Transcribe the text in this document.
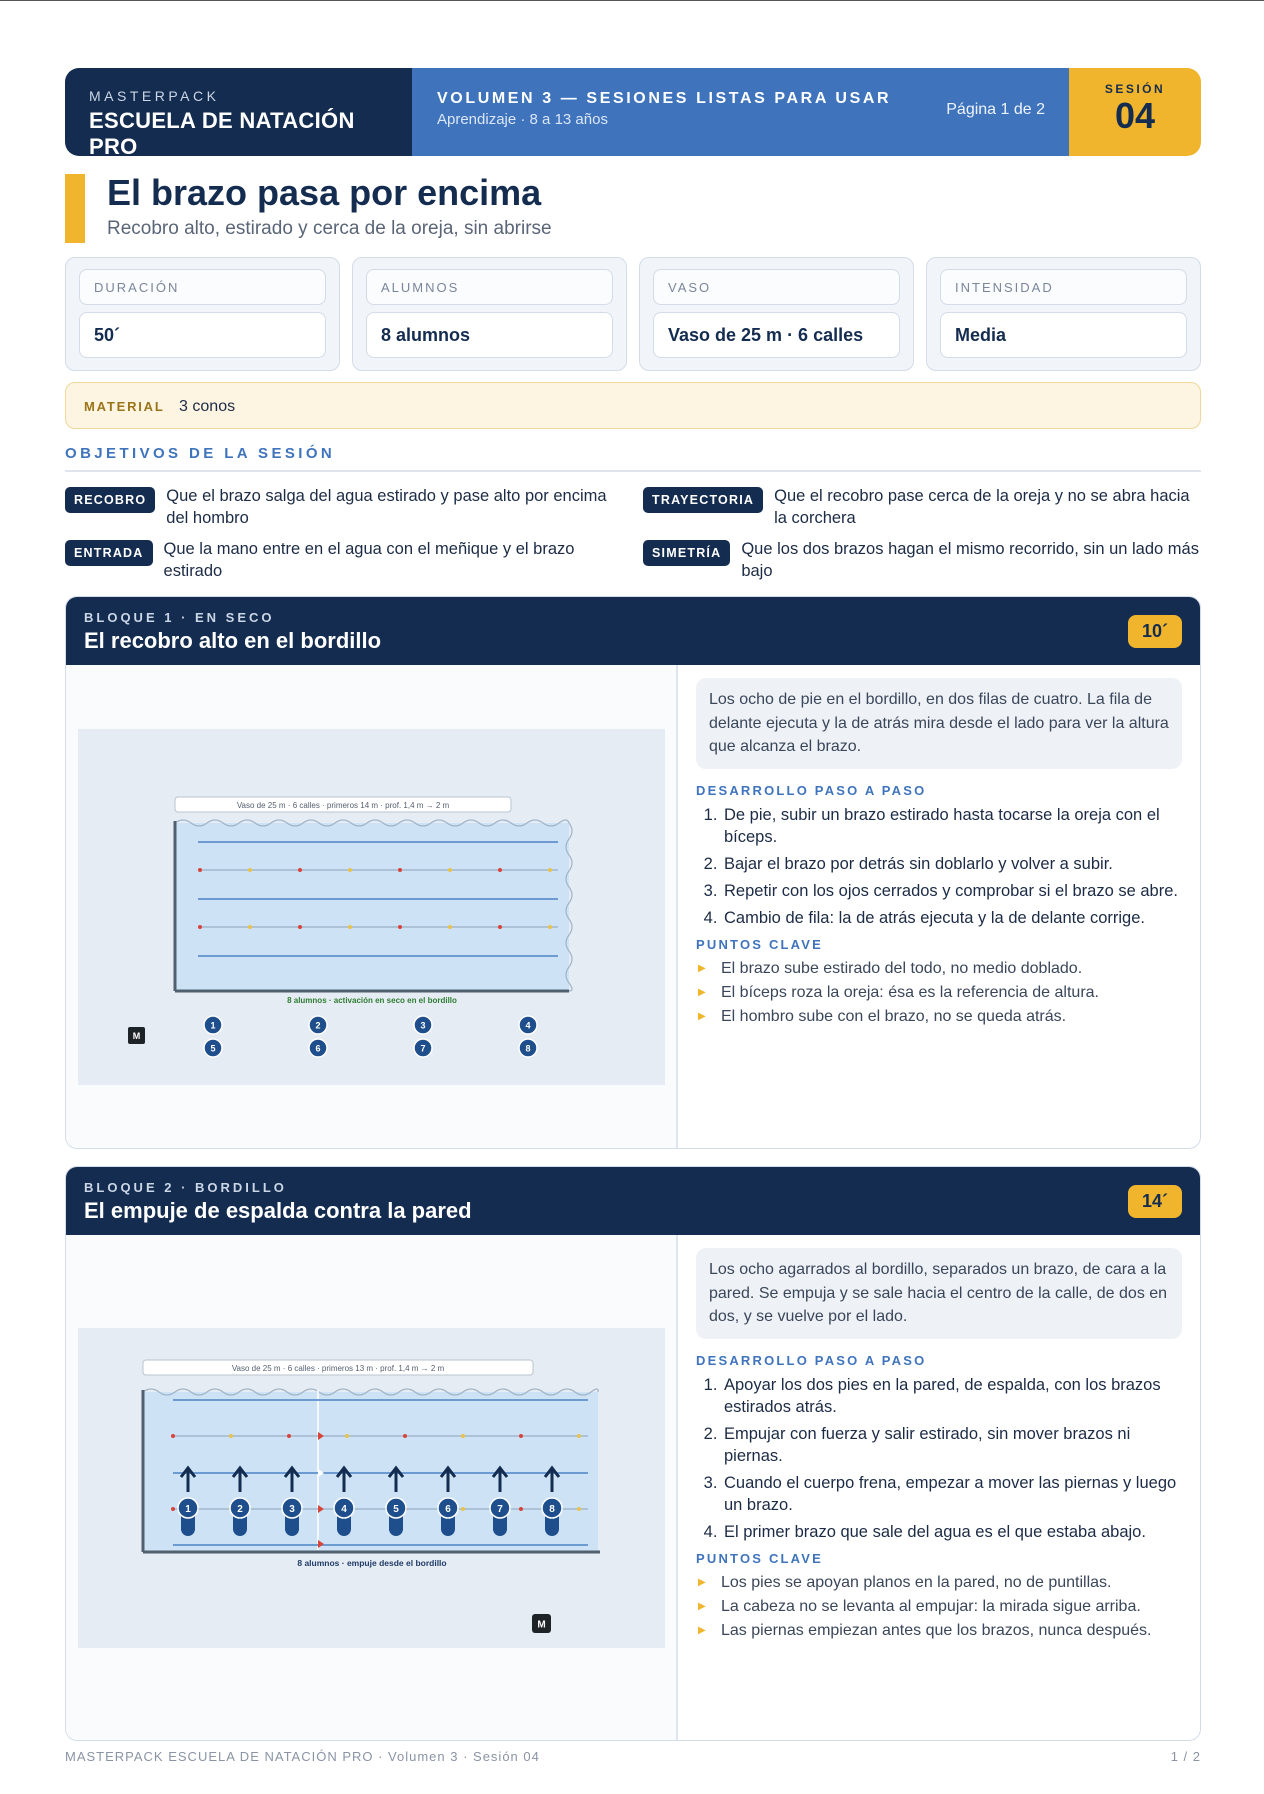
MASTERPACK
ESCUELA DE NATACIÓN PRO
VOLUMEN 3 — SESIONES LISTAS PARA USAR
Aprendizaje · 8 a 13 años
Página 1 de 2
SESIÓN
04
El brazo pasa por encima
Recobro alto, estirado y cerca de la oreja, sin abrirse
DURACIÓN
50´
ALUMNOS
8 alumnos
VASO
Vaso de 25 m · 6 calles
INTENSIDAD
Media
MATERIAL 3 conos
OBJETIVOS DE LA SESIÓN
RECOBRO	Que el brazo salga del agua estirado y pase alto por encima del hombro
TRAYECTORIA	Que el recobro pase cerca de la oreja y no se abra hacia la corchera
ENTRADA	Que la mano entre en el agua con el meñique y el brazo estirado
SIMETRÍA	Que los dos brazos hagan el mismo recorrido, sin un lado más bajo
BLOQUE 1 · EN SECO
El recobro alto en el bordillo	10´
Vaso de 25 m · 6 calles · primeros 14 m · prof. 1,4 m → 2 m
8 alumnos · activación en seco en el bordillo
M
1	2	3	4
5	6	7	8
Los ocho de pie en el bordillo, en dos filas de cuatro. La fila de delante ejecuta y la de atrás mira desde el lado para ver la altura que alcanza el brazo.
DESARROLLO PASO A PASO
1. De pie, subir un brazo estirado hasta tocarse la oreja con el bíceps.
2. Bajar el brazo por detrás sin doblarlo y volver a subir.
3. Repetir con los ojos cerrados y comprobar si el brazo se abre.
4. Cambio de fila: la de atrás ejecuta y la de delante corrige.
PUNTOS CLAVE
▶ El brazo sube estirado del todo, no medio doblado.
▶ El bíceps roza la oreja: ésa es la referencia de altura.
▶ El hombro sube con el brazo, no se queda atrás.
BLOQUE 2 · BORDILLO
El empuje de espalda contra la pared	14´
Vaso de 25 m · 6 calles · primeros 13 m · prof. 1,4 m → 2 m
1	2	3	4	5	6	7	8
8 alumnos · empuje desde el bordillo
M
Los ocho agarrados al bordillo, separados un brazo, de cara a la pared. Se empuja y se sale hacia el centro de la calle, de dos en dos, y se vuelve por el lado.
DESARROLLO PASO A PASO
1. Apoyar los dos pies en la pared, de espalda, con los brazos estirados atrás.
2. Empujar con fuerza y salir estirado, sin mover brazos ni piernas.
3. Cuando el cuerpo frena, empezar a mover las piernas y luego un brazo.
4. El primer brazo que sale del agua es el que estaba abajo.
PUNTOS CLAVE
▶ Los pies se apoyan planos en la pared, no de puntillas.
▶ La cabeza no se levanta al empujar: la mirada sigue arriba.
▶ Las piernas empiezan antes que los brazos, nunca después.
MASTERPACK ESCUELA DE NATACIÓN PRO · Volumen 3 · Sesión 04	1 / 2
